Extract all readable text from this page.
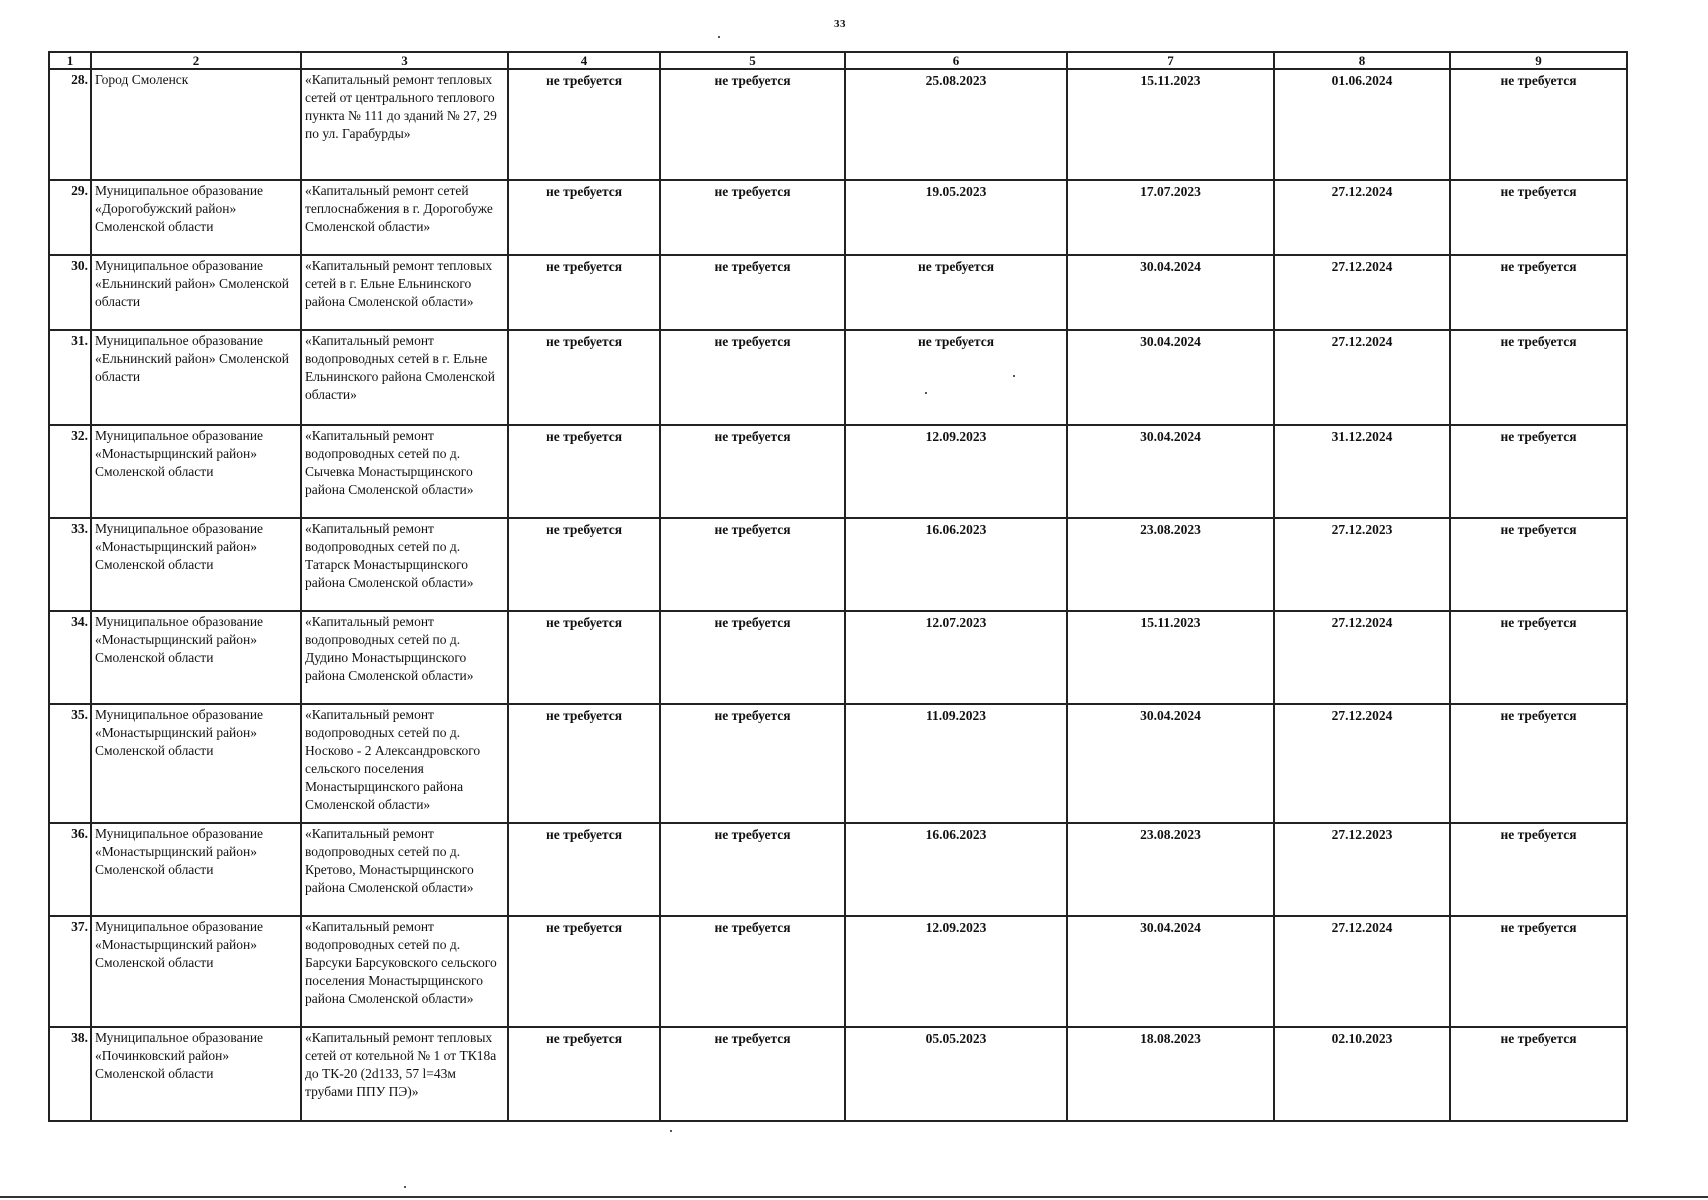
33
1	2	3	4	5	6	7	8	9
28.	Город Смоленск	«Капитальный ремонт тепловых сетей от центрального теплового пункта № 111 до зданий № 27, 29 по ул. Гарабурды»	не требуется	не требуется	25.08.2023	15.11.2023	01.06.2024	не требуется
29.	Муниципальное образование «Дорогобужский район» Смоленской области	«Капитальный ремонт сетей теплоснабжения в г. Дорогобуже Смоленской области»	не требуется	не требуется	19.05.2023	17.07.2023	27.12.2024	не требуется
30.	Муниципальное образование «Ельнинский район» Смоленской области	«Капитальный ремонт тепловых сетей в г. Ельне Ельнинского района Смоленской области»	не требуется	не требуется	не требуется	30.04.2024	27.12.2024	не требуется
31.	Муниципальное образование «Ельнинский район» Смоленской области	«Капитальный ремонт водопроводных сетей в г. Ельне Ельнинского района Смоленской области»	не требуется	не требуется	не требуется	30.04.2024	27.12.2024	не требуется
32.	Муниципальное образование «Монастырщинский район» Смоленской области	«Капитальный ремонт водопроводных сетей по д. Сычевка Монастырщинского района Смоленской области»	не требуется	не требуется	12.09.2023	30.04.2024	31.12.2024	не требуется
33.	Муниципальное образование «Монастырщинский район» Смоленской области	«Капитальный ремонт водопроводных сетей по д. Татарск Монастырщинского района Смоленской области»	не требуется	не требуется	16.06.2023	23.08.2023	27.12.2023	не требуется
34.	Муниципальное образование «Монастырщинский район» Смоленской области	«Капитальный ремонт водопроводных сетей по д. Дудино Монастырщинского района Смоленской области»	не требуется	не требуется	12.07.2023	15.11.2023	27.12.2024	не требуется
35.	Муниципальное образование «Монастырщинский район» Смоленской области	«Капитальный ремонт водопроводных сетей по д. Носково - 2 Александровского сельского поселения Монастырщинского района Смоленской области»	не требуется	не требуется	11.09.2023	30.04.2024	27.12.2024	не требуется
36.	Муниципальное образование «Монастырщинский район» Смоленской области	«Капитальный ремонт водопроводных сетей по д. Кретово, Монастырщинского района Смоленской области»	не требуется	не требуется	16.06.2023	23.08.2023	27.12.2023	не требуется
37.	Муниципальное образование «Монастырщинский район» Смоленской области	«Капитальный ремонт водопроводных сетей по д. Барсуки Барсуковского сельского поселения Монастырщинского района Смоленской области»	не требуется	не требуется	12.09.2023	30.04.2024	27.12.2024	не требуется
38.	Муниципальное образование «Починковский район» Смоленской области	«Капитальный ремонт тепловых сетей от котельной № 1 от ТК18а до ТК-20 (2d133, 57 l=43м трубами ППУ ПЭ)»	не требуется	не требуется	05.05.2023	18.08.2023	02.10.2023	не требуется
